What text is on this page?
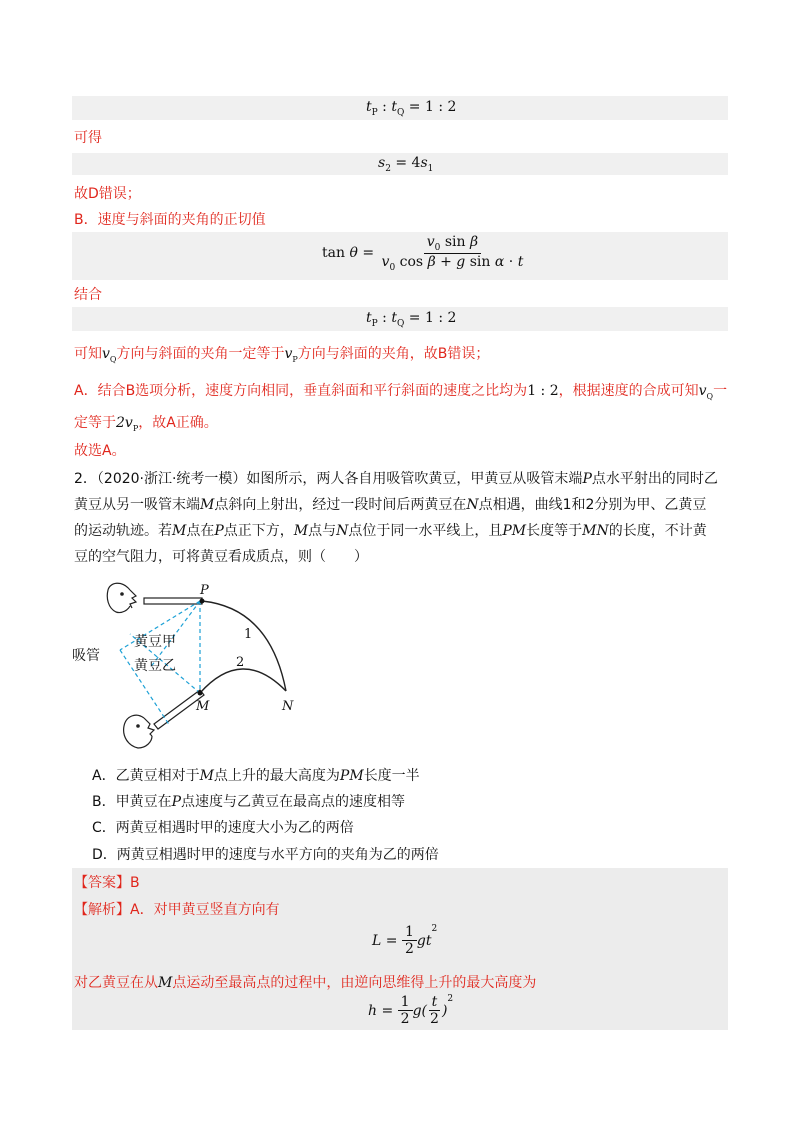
$t_P$ : $t_Q = 1$ : 2
可得
$s_2 = 4s_1$
故D错误；
B．速度与斜面的夹角的正切值
tan
$\theta = \frac{v_0 \sin \beta}{v_0 \cos \beta + g \sin \alpha \cdot t}$
结合
$t_P$ : $t_Q = 1$ : 2
可知$v_Q$方向与斜面的夹角一定等于$v_P$方向与斜面的夹角，故B错误；
A．结合B选项分析，速度方向相同，垂直斜面和平行斜面的速度之比均为1 : 2，根据速度的合成可知$v_Q$一
定等于$2v_P$，故A正确。
故选A。
2．（2020·浙江·统考一模）如图所示，两人各自用吸管吹黄豆，甲黄豆从吸管末端P点水平射出的同时乙
黄豆从另一吸管末端M点斜向上射出，经过一段时间后两黄豆在N点相遇，曲线1和2分别为甲、乙黄豆
的运动轨迹。若M点在P点正下方，M点与N点位于同一水平线上，且PM长度等于MN的长度，不计黄
豆的空气阻力，可将黄豆看成质点，则（　　）
P
M	N
1
2
吸管
黄豆甲
黄豆乙
A．乙黄豆相对于M点上升的最大高度为PM长度一半
B．甲黄豆在P点速度与乙黄豆在最高点的速度相等
C．两黄豆相遇时甲的速度大小为乙的两倍
D．两黄豆相遇时甲的速度与水平方向的夹角为乙的两倍
【答案】B
【解析】A．对甲黄豆竖直方向有
L =
$\frac{1}{2}$ gt
$^2$
对乙黄豆在从M点运动至最高点的过程中，由逆向思维得上升的最大高度为
h =
$\frac{1}{2} g( \frac{t}{2}$ )
$^2$
